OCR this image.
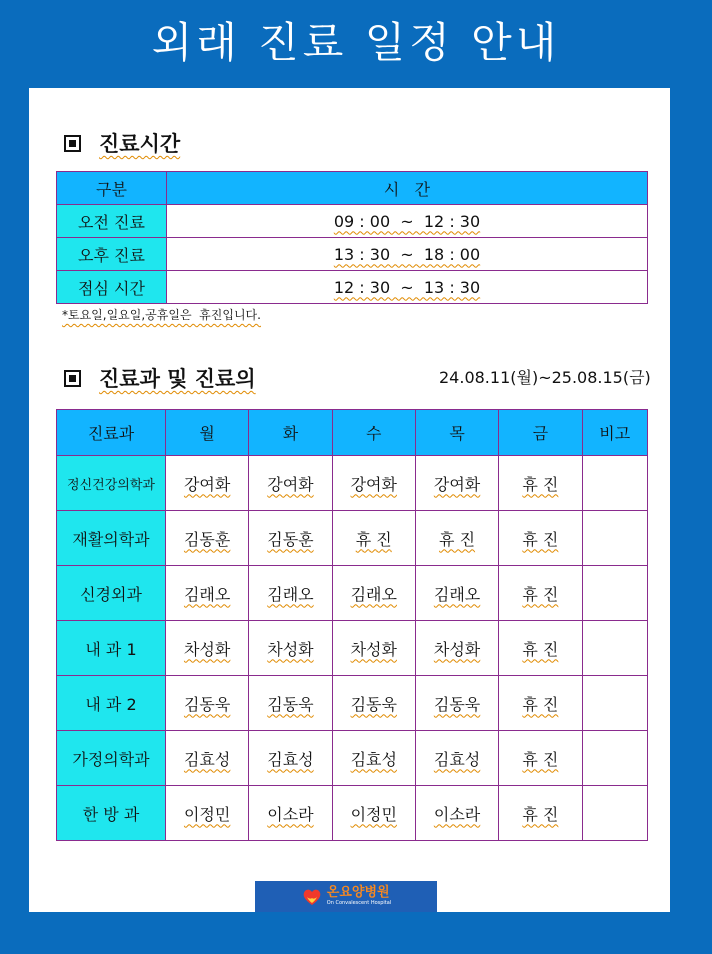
외래 진료 일정 안내
진료시간
구분	시   간
오전 진료	09 : 00  ~  12 : 30
오후 진료	13 : 30  ~  18 : 00
점심 시간	12 : 30  ~  13 : 30
*토요일,일요일,공휴일은  휴진입니다.
진료과 및 진료의	24.08.11(월)~25.08.15(금)
진료과	월	화	수	목	금	비고
정신건강의학과	강여화	강여화	강여화	강여화	휴 진	
재활의학과	김동훈	김동훈	휴 진	휴 진	휴 진	
신경외과	김래오	김래오	김래오	김래오	휴 진	
내 과 1	차성화	차성화	차성화	차성화	휴 진	
내 과 2	김동욱	김동욱	김동욱	김동욱	휴 진	
가정의학과	김효성	김효성	김효성	김효성	휴 진	
한 방 과	이정민	이소라	이정민	이소라	휴 진	
온요양병원
On Convalescent Hospital
